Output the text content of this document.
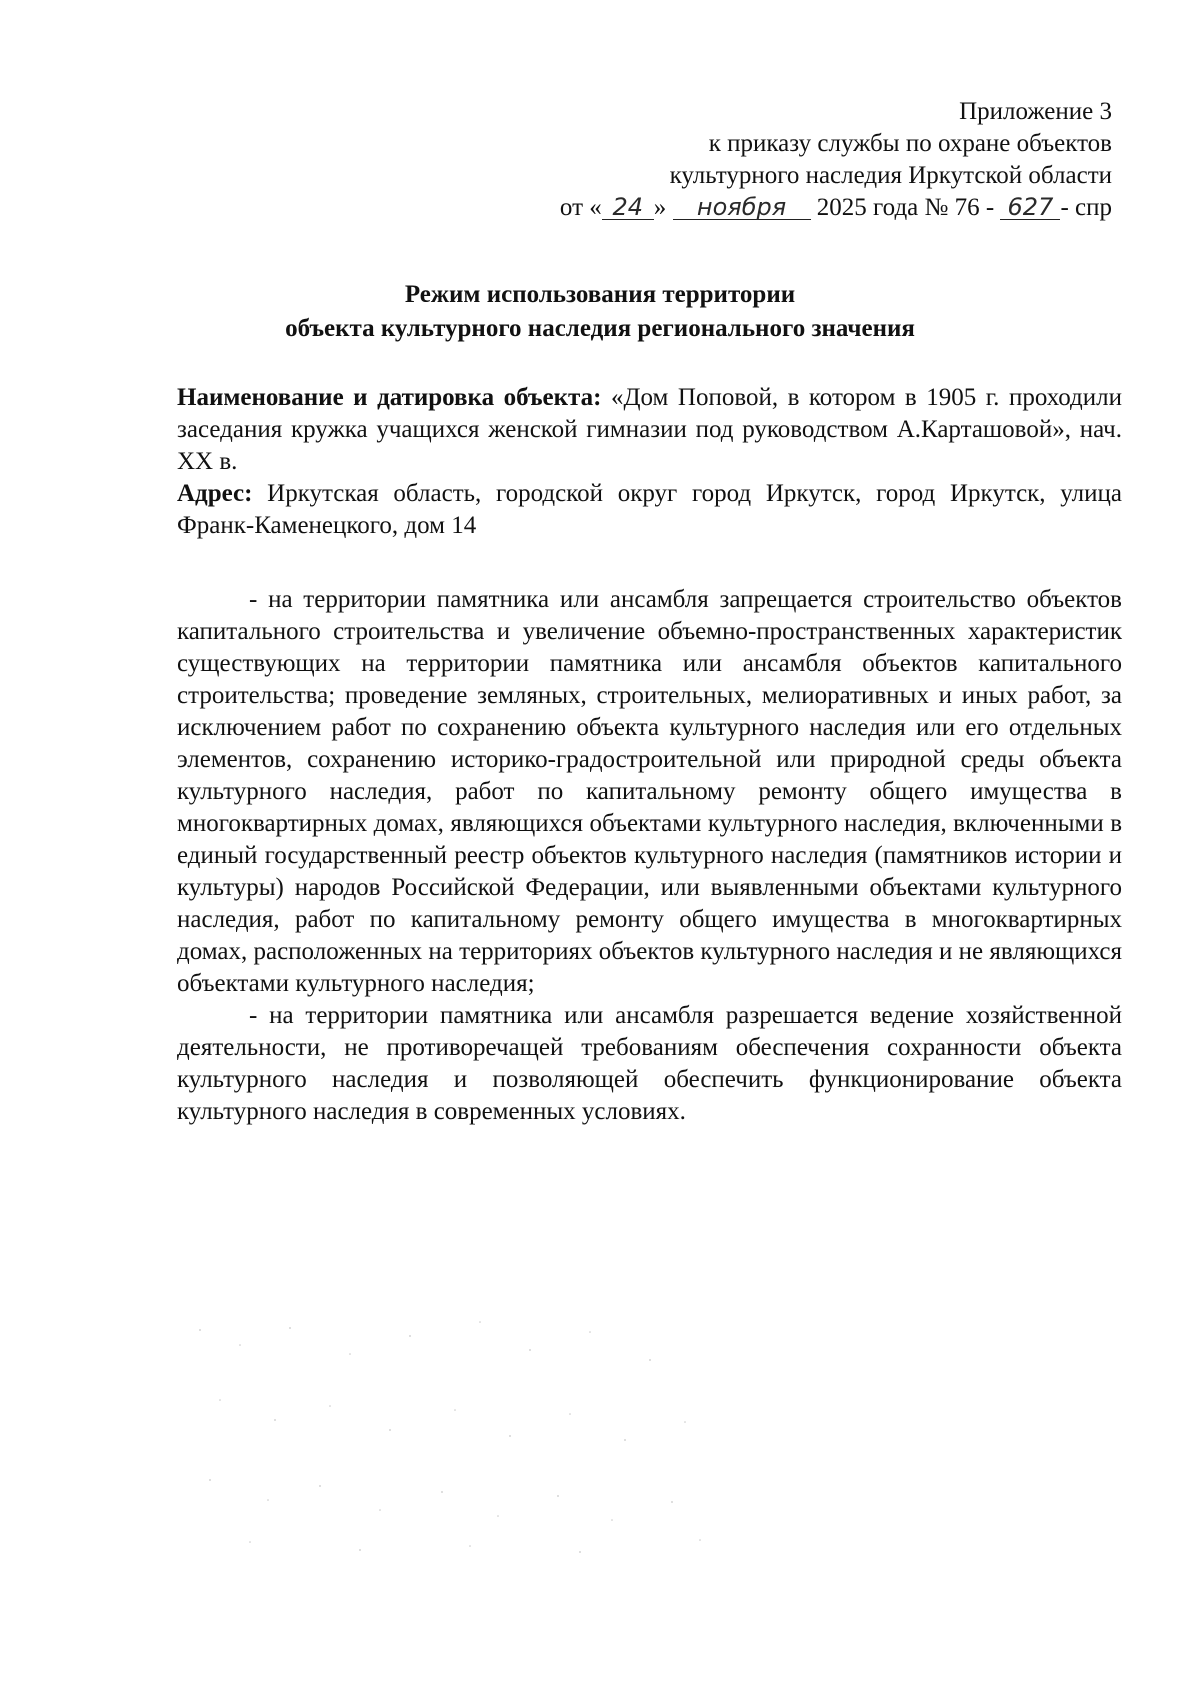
Приложение 3
к приказу службы по охране объектов
культурного наследия Иркутской области
от « 24 » ноября 2025 года № 76 - 627 - спр
Режим использования территории
объекта культурного наследия регионального значения

Наименование и датировка объекта: «Дом Поповой, в котором в 1905 г. проходили заседания кружка учащихся женской гимназии под руководством А.Карташовой», нач. XX в.

Адрес: Иркутская область, городской округ город Иркутск, город Иркутск, улица Франк-Каменецкого, дом 14

- на территории памятника или ансамбля запрещается строительство объектов капитального строительства и увеличение объемно-пространственных характеристик существующих на территории памятника или ансамбля объектов капитального строительства; проведение земляных, строительных, мелиоративных и иных работ, за исключением работ по сохранению объекта культурного наследия или его отдельных элементов, сохранению историко-градостроительной или природной среды объекта культурного наследия, работ по капитальному ремонту общего имущества в многоквартирных домах, являющихся объектами культурного наследия, включенными в единый государственный реестр объектов культурного наследия (памятников истории и культуры) народов Российской Федерации, или выявленными объектами культурного наследия, работ по капитальному ремонту общего имущества в многоквартирных домах, расположенных на территориях объектов культурного наследия и не являющихся объектами культурного наследия;

- на территории памятника или ансамбля разрешается ведение хозяйственной деятельности, не противоречащей требованиям обеспечения сохранности объекта культурного наследия и позволяющей обеспечить функционирование объекта культурного наследия в современных условиях.
